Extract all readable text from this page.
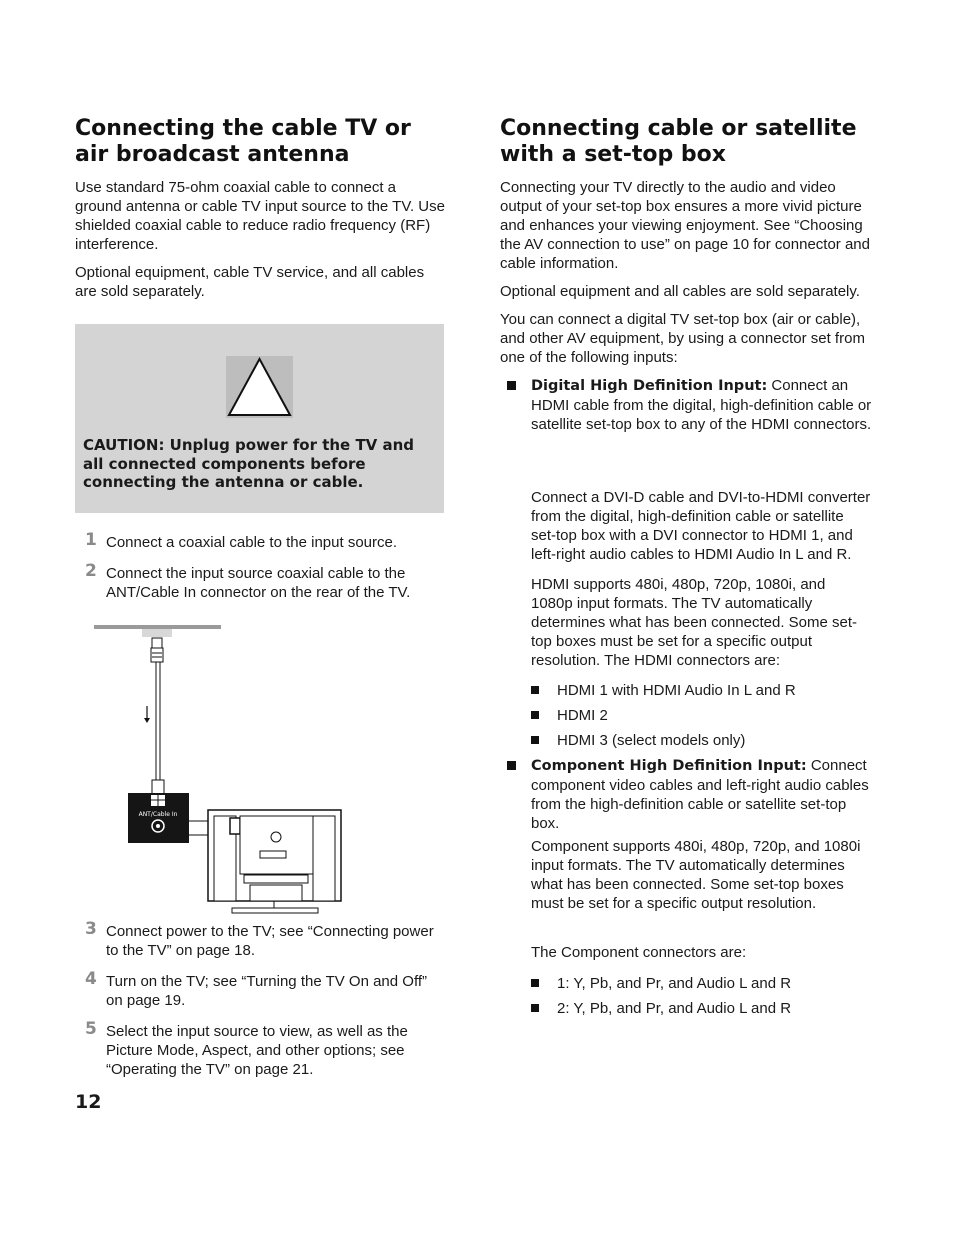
Connecting the cable TV or air broadcast antenna

Use standard 75-ohm coaxial cable to connect a ground antenna or cable TV input source to the TV. Use shielded coaxial cable to reduce radio frequency (RF) interference.

Optional equipment, cable TV service, and all cables are sold separately.

CAUTION: Unplug power for the TV and all connected components before connecting the antenna or cable.
1 Connect a coaxial cable to the input source.
2 Connect the input source coaxial cable to the ANT/Cable In connector on the rear of the TV.
ANT/Cable In
3 Connect power to the TV; see “Connecting power to the TV” on page 18.
4 Turn on the TV; see “Turning the TV On and Off” on page 19.
5 Select the input source to view, as well as the Picture Mode, Aspect, and other options; see “Operating the TV” on page 21.
12
Connecting cable or satellite with a set-top box

Connecting your TV directly to the audio and video output of your set-top box ensures a more vivid picture and enhances your viewing enjoyment. See “Choosing the AV connection to use” on page 10 for connector and cable information.

Optional equipment and all cables are sold separately.

You can connect a digital TV set-top box (air or cable), and other AV equipment, by using a connector set from one of the following inputs:

Digital High Definition Input: Connect an HDMI cable from the digital, high-definition cable or satellite set-top box to any of the HDMI connectors.
Connect a DVI-D cable and DVI-to-HDMI converter from the digital, high-definition cable or satellite set-top box with a DVI connector to HDMI 1, and left-right audio cables to HDMI Audio In L and R.
HDMI supports 480i, 480p, 720p, 1080i, and 1080p input formats. The TV automatically determines what has been connected. Some set-top boxes must be set for a specific output resolution. The HDMI connectors are:
HDMI 1 with HDMI Audio In L and R
HDMI 2
HDMI 3 (select models only)
Component High Definition Input: Connect component video cables and left-right audio cables from the high-definition cable or satellite set-top box.
Component supports 480i, 480p, 720p, and 1080i input formats. The TV automatically determines what has been connected. Some set-top boxes must be set for a specific output resolution.
The Component connectors are:
1: Y, Pb, and Pr, and Audio L and R
2: Y, Pb, and Pr, and Audio L and R
